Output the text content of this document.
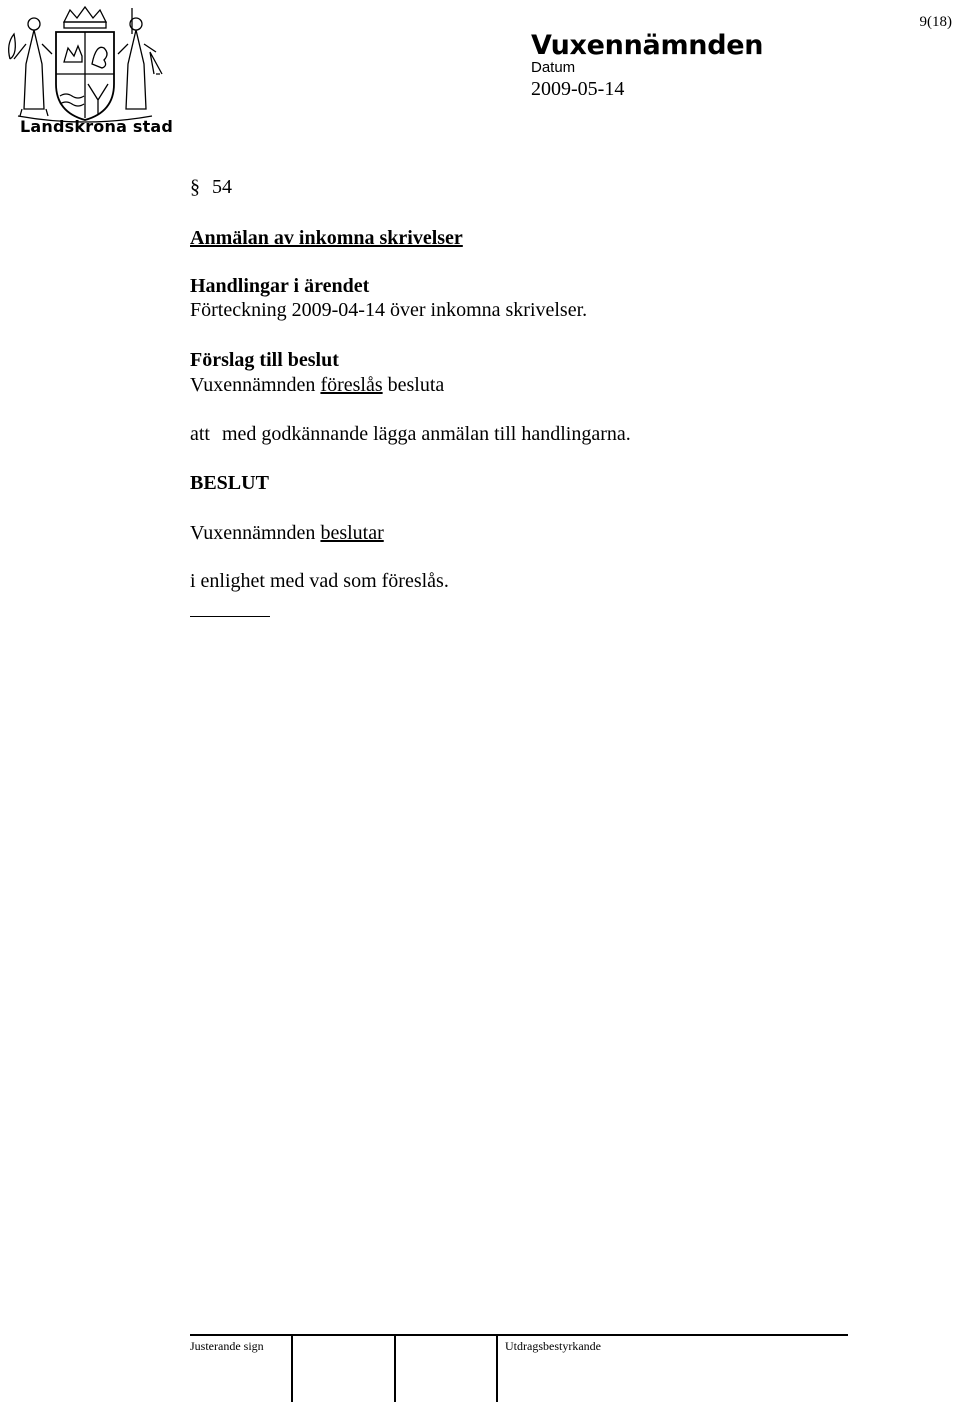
9(18)
Landskrona stad
Vuxennämnden
Datum
2009-05-14
§ 54
Anmälan av inkomna skrivelser
Handlingar i ärendet
Förteckning 2009-04-14 över inkomna skrivelser.
Förslag till beslut
Vuxennämnden föreslås besluta
att med godkännande lägga anmälan till handlingarna.
BESLUT
Vuxennämnden beslutar
i enlighet med vad som föreslås.
Justerande sign	Utdragsbestyrkande
